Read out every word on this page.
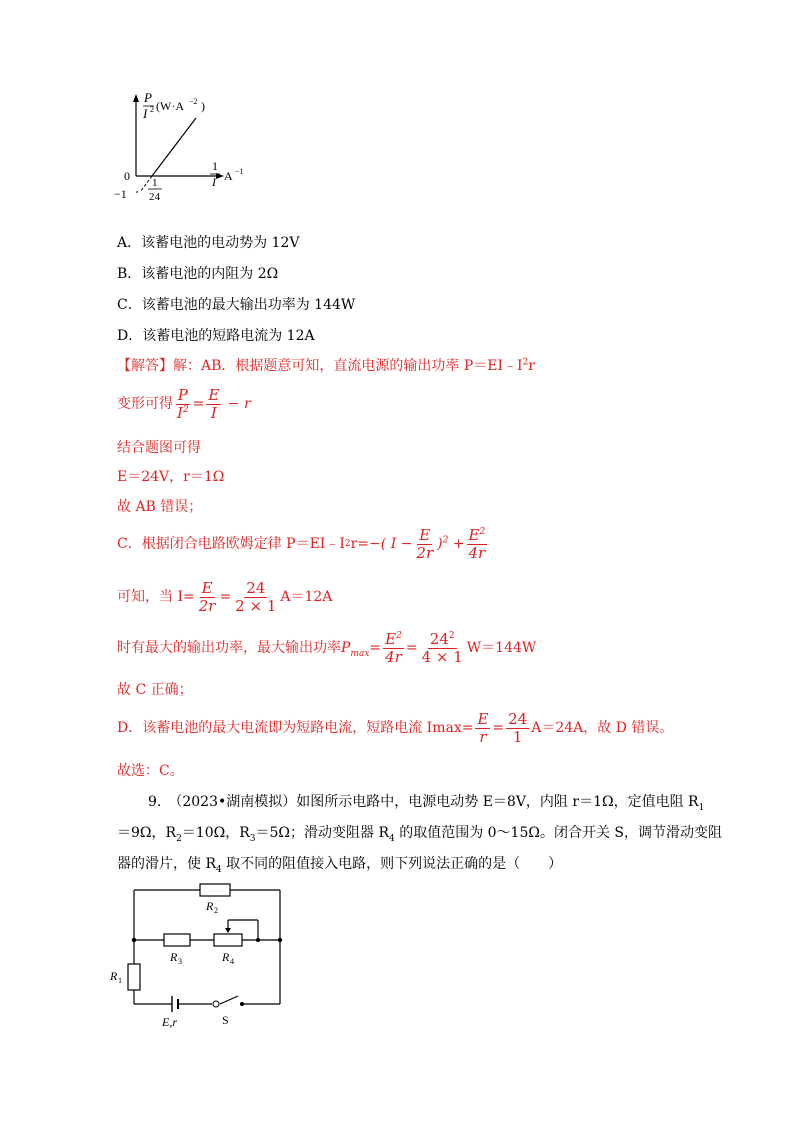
P
I 2 (W·A −2 )
1
I A −1
0
−1
1
24
A．该蓄电池的电动势为 12V
B．该蓄电池的内阻为 2Ω
C．该蓄电池的最大输出功率为 144W
D．该蓄电池的短路电流为 12A
【解答】解：AB．根据题意可知，直流电源的输出功率 $P=EI﹣I^2r$
变形可得 $\frac{P}{I^2} = \frac{E}{I} - r$
结合题图可得
E＝24V，r＝1Ω
故 AB 错误；
C．根据闭合电路欧姆定律 P＝EI﹣I 2 r= −( $I - \frac{E}{2r} )^2 + \frac{E^2}{4r}$
可知，当 $I= \frac{E}{2r} = \frac{24}{2 \times 1} A=12A$
时有最大的输出功率，最大输出功率 $P_{max} = \frac{E^2}{4r} = \frac{24^2}{4 \times 1} W=144W$
故 C 正确；
D．该蓄电池的最大电流即为短路电流，短路电流 $Imax= \frac{E}{r} = \frac{24}{1} A=24A$，故 D 错误。
故选：C。
9.　（2023•湖南模拟）如图所示电路中，电源电动势 E＝8V，内阻 r＝1Ω，定值电阻 $R_1$
＝9Ω，$R_2=10\Omega$，$R_3=5\Omega$；滑动变阻器 $R_4$ 的取值范围为 0～15Ω。闭合开关 S，调节滑动变阻
器的滑片，使 $R_4$ 取不同的阻值接入电路，则下列说法正确的是（　　）
R 2
R 3	R 4
R 1
E,r	S
